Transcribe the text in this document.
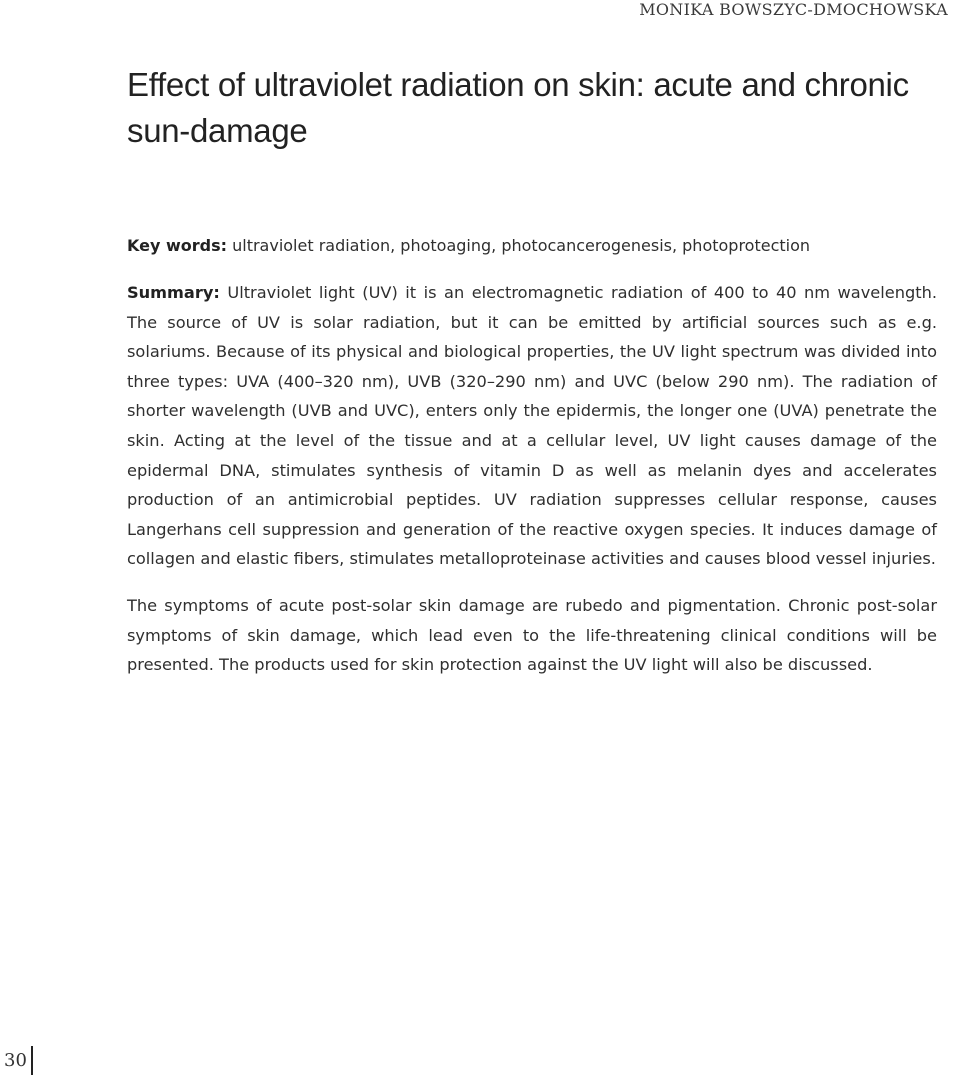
MONIKA BOWSZYC-DMOCHOWSKA
Effect of ultraviolet radiation on skin: acute and chronic sun-damage

Key words: ultraviolet radiation, photoaging, photocancerogenesis, photoprotection

Summary: Ultraviolet light (UV) it is an electromagnetic radiation of 400 to 40 nm wavelength. The source of UV is solar radiation, but it can be emitted by artificial sources such as e.g. solariums. Because of its physical and biological properties, the UV light spectrum was divided into three types: UVA (400–320 nm), UVB (320–290 nm) and UVC (below 290 nm). The radiation of shorter wavelength (UVB and UVC), enters only the epidermis, the longer one (UVA) penetrate the skin. Acting at the level of the tissue and at a cellular level, UV light causes damage of the epidermal DNA, stimulates synthesis of vitamin D as well as melanin dyes and accelerates production of an antimicrobial peptides. UV radiation suppresses cellular response, causes Langerhans cell suppression and generation of the reactive oxygen species. It induces damage of collagen and elastic fibers, stimulates metalloproteinase activities and causes blood vessel injuries.

The symptoms of acute post-solar skin damage are rubedo and pigmentation. Chronic post-solar symptoms of skin damage, which lead even to the life-threatening clinical conditions will be presented. The products used for skin protection against the UV light will also be discussed.

30
